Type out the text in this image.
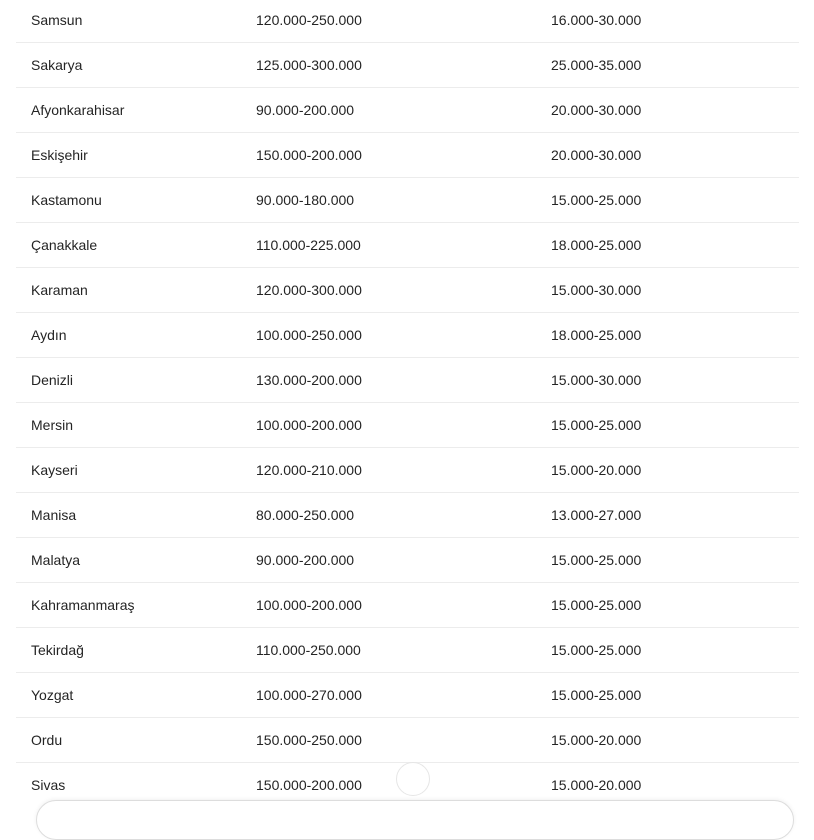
Samsun	120.000-250.000	16.000-30.000
Sakarya	125.000-300.000	25.000-35.000
Afyonkarahisar	90.000-200.000	20.000-30.000
Eskişehir	150.000-200.000	20.000-30.000
Kastamonu	90.000-180.000	15.000-25.000
Çanakkale	110.000-225.000	18.000-25.000
Karaman	120.000-300.000	15.000-30.000
Aydın	100.000-250.000	18.000-25.000
Denizli	130.000-200.000	15.000-30.000
Mersin	100.000-200.000	15.000-25.000
Kayseri	120.000-210.000	15.000-20.000
Manisa	80.000-250.000	13.000-27.000
Malatya	90.000-200.000	15.000-25.000
Kahramanmaraş	100.000-200.000	15.000-25.000
Tekirdağ	110.000-250.000	15.000-25.000
Yozgat	100.000-270.000	15.000-25.000
Ordu	150.000-250.000	15.000-20.000
Sivas	150.000-200.000	15.000-20.000
